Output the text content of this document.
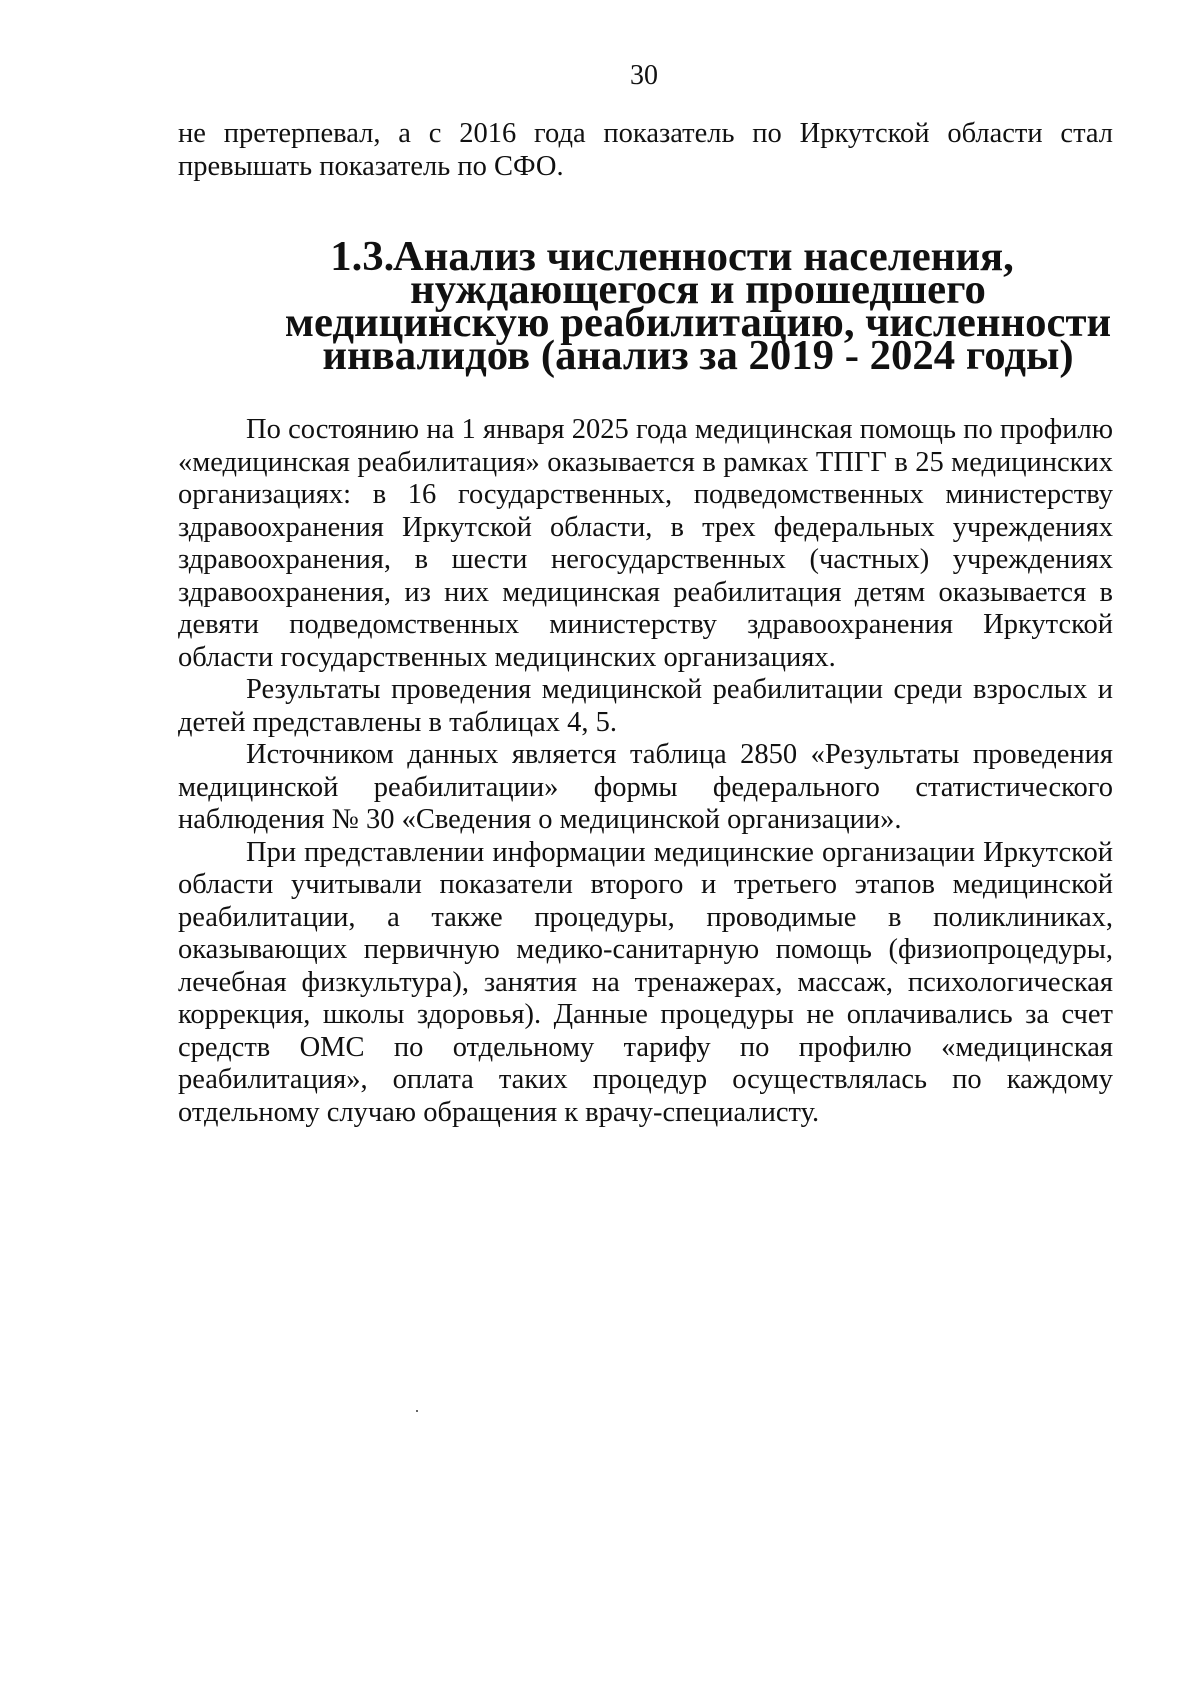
30

не претерпевал, а с 2016 года показатель по Иркутской области стал превышать показатель по СФО.

1.3. Анализ численности населения, нуждающегося и прошедшего медицинскую реабилитацию, численности инвалидов (анализ за 2019 - 2024 годы)

По состоянию на 1 января 2025 года медицинская помощь по профилю «медицинская реабилитация» оказывается в рамках ТПГГ в 25 медицинских организациях: в 16 государственных, подведомственных министерству здравоохранения Иркутской области, в трех федеральных учреждениях здравоохранения, в шести негосударственных (частных) учреждениях здравоохранения, из них медицинская реабилитация детям оказывается в девяти подведомственных министерству здравоохранения Иркутской области государственных медицинских организациях.

Результаты проведения медицинской реабилитации среди взрослых и детей представлены в таблицах 4, 5.

Источником данных является таблица 2850 «Результаты проведения медицинской реабилитации» формы федерального статистического наблюдения № 30 «Сведения о медицинской организации».

При представлении информации медицинские организации Иркутской области учитывали показатели второго и третьего этапов медицинской реабилитации, а также процедуры, проводимые в поликлиниках, оказывающих первичную медико-санитарную помощь (физиопроцедуры, лечебная физкультура), занятия на тренажерах, массаж, психологическая коррекция, школы здоровья). Данные процедуры не оплачивались за счет средств ОМС по отдельному тарифу по профилю «медицинская реабилитация», оплата таких процедур осуществлялась по каждому отдельному случаю обращения к врачу-специалисту.
